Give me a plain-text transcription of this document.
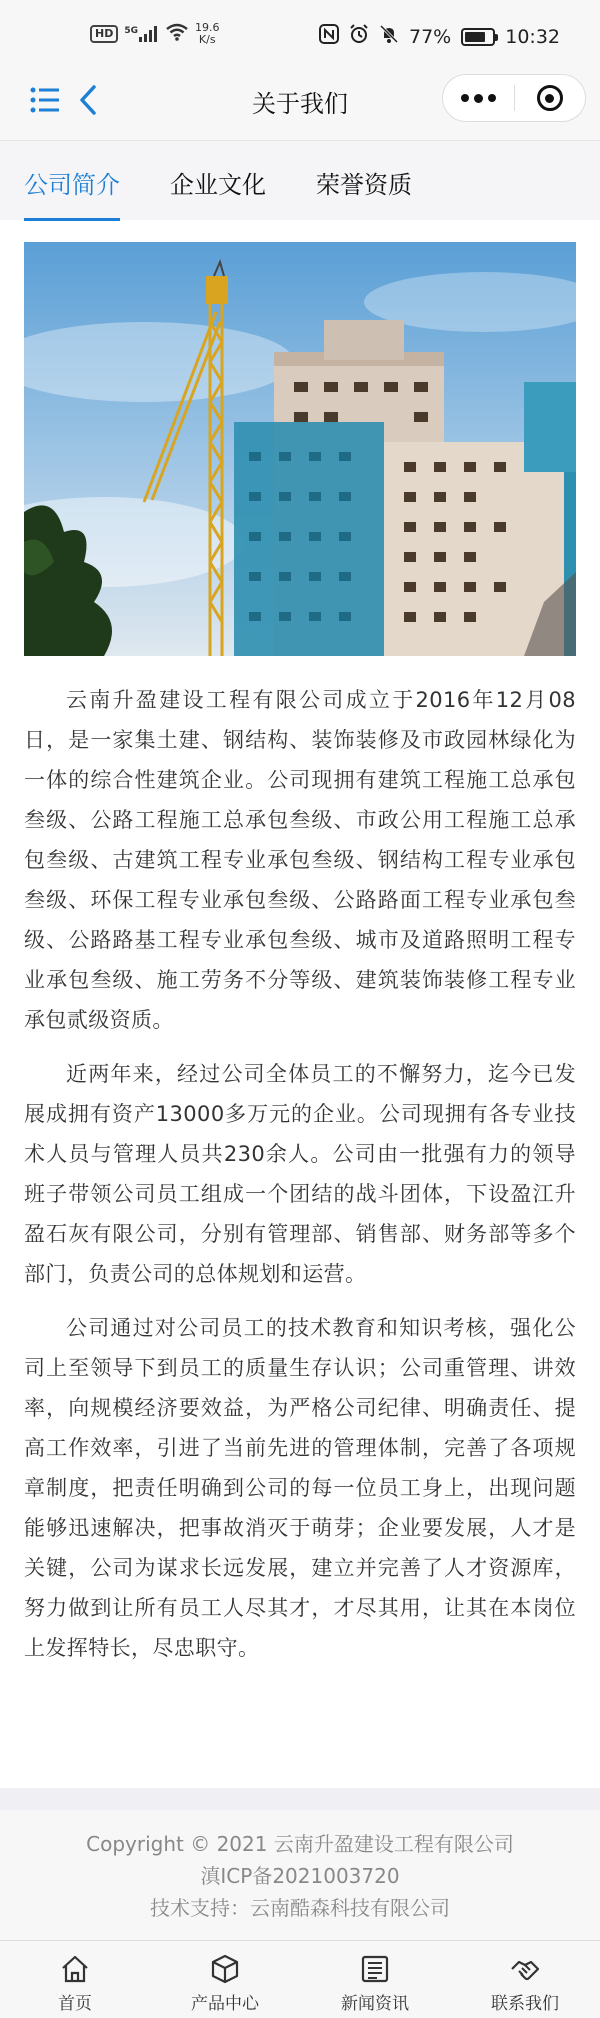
HD	5G	19.6
K/s	77%	10:32
关于我们
公司简介 企业文化 荣誉资质

云南升盈建设工程有限公司成立于2016年12月08日，是一家集土建、钢结构、装饰装修及市政园林绿化为一体的综合性建筑企业。公司现拥有建筑工程施工总承包叁级、公路工程施工总承包叁级、市政公用工程施工总承包叁级、古建筑工程专业承包叁级、钢结构工程专业承包叁级、环保工程专业承包叁级、公路路面工程专业承包叁级、公路路基工程专业承包叁级、城市及道路照明工程专业承包叁级、施工劳务不分等级、建筑装饰装修工程专业承包贰级资质。

近两年来，经过公司全体员工的不懈努力，迄今已发展成拥有资产13000多万元的企业。公司现拥有各专业技术人员与管理人员共230余人。公司由一批强有力的领导班子带领公司员工组成一个团结的战斗团体，下设盈江升盈石灰有限公司，分别有管理部、销售部、财务部等多个部门，负责公司的总体规划和运营。

公司通过对公司员工的技术教育和知识考核，强化公司上至领导下到员工的质量生存认识；公司重管理、讲效率，向规模经济要效益，为严格公司纪律、明确责任、提高工作效率，引进了当前先进的管理体制，完善了各项规章制度，把责任明确到公司的每一位员工身上，出现问题能够迅速解决，把事故消灭于萌芽；企业要发展，人才是关键，公司为谋求长远发展，建立并完善了人才资源库，努力做到让所有员工人尽其才，才尽其用，让其在本岗位上发挥特长，尽忠职守。

Copyright © 2021 云南升盈建设工程有限公司
滇ICP备2021003720
技术支持：云南酷森科技有限公司
首页	产品中心	新闻资讯	联系我们
